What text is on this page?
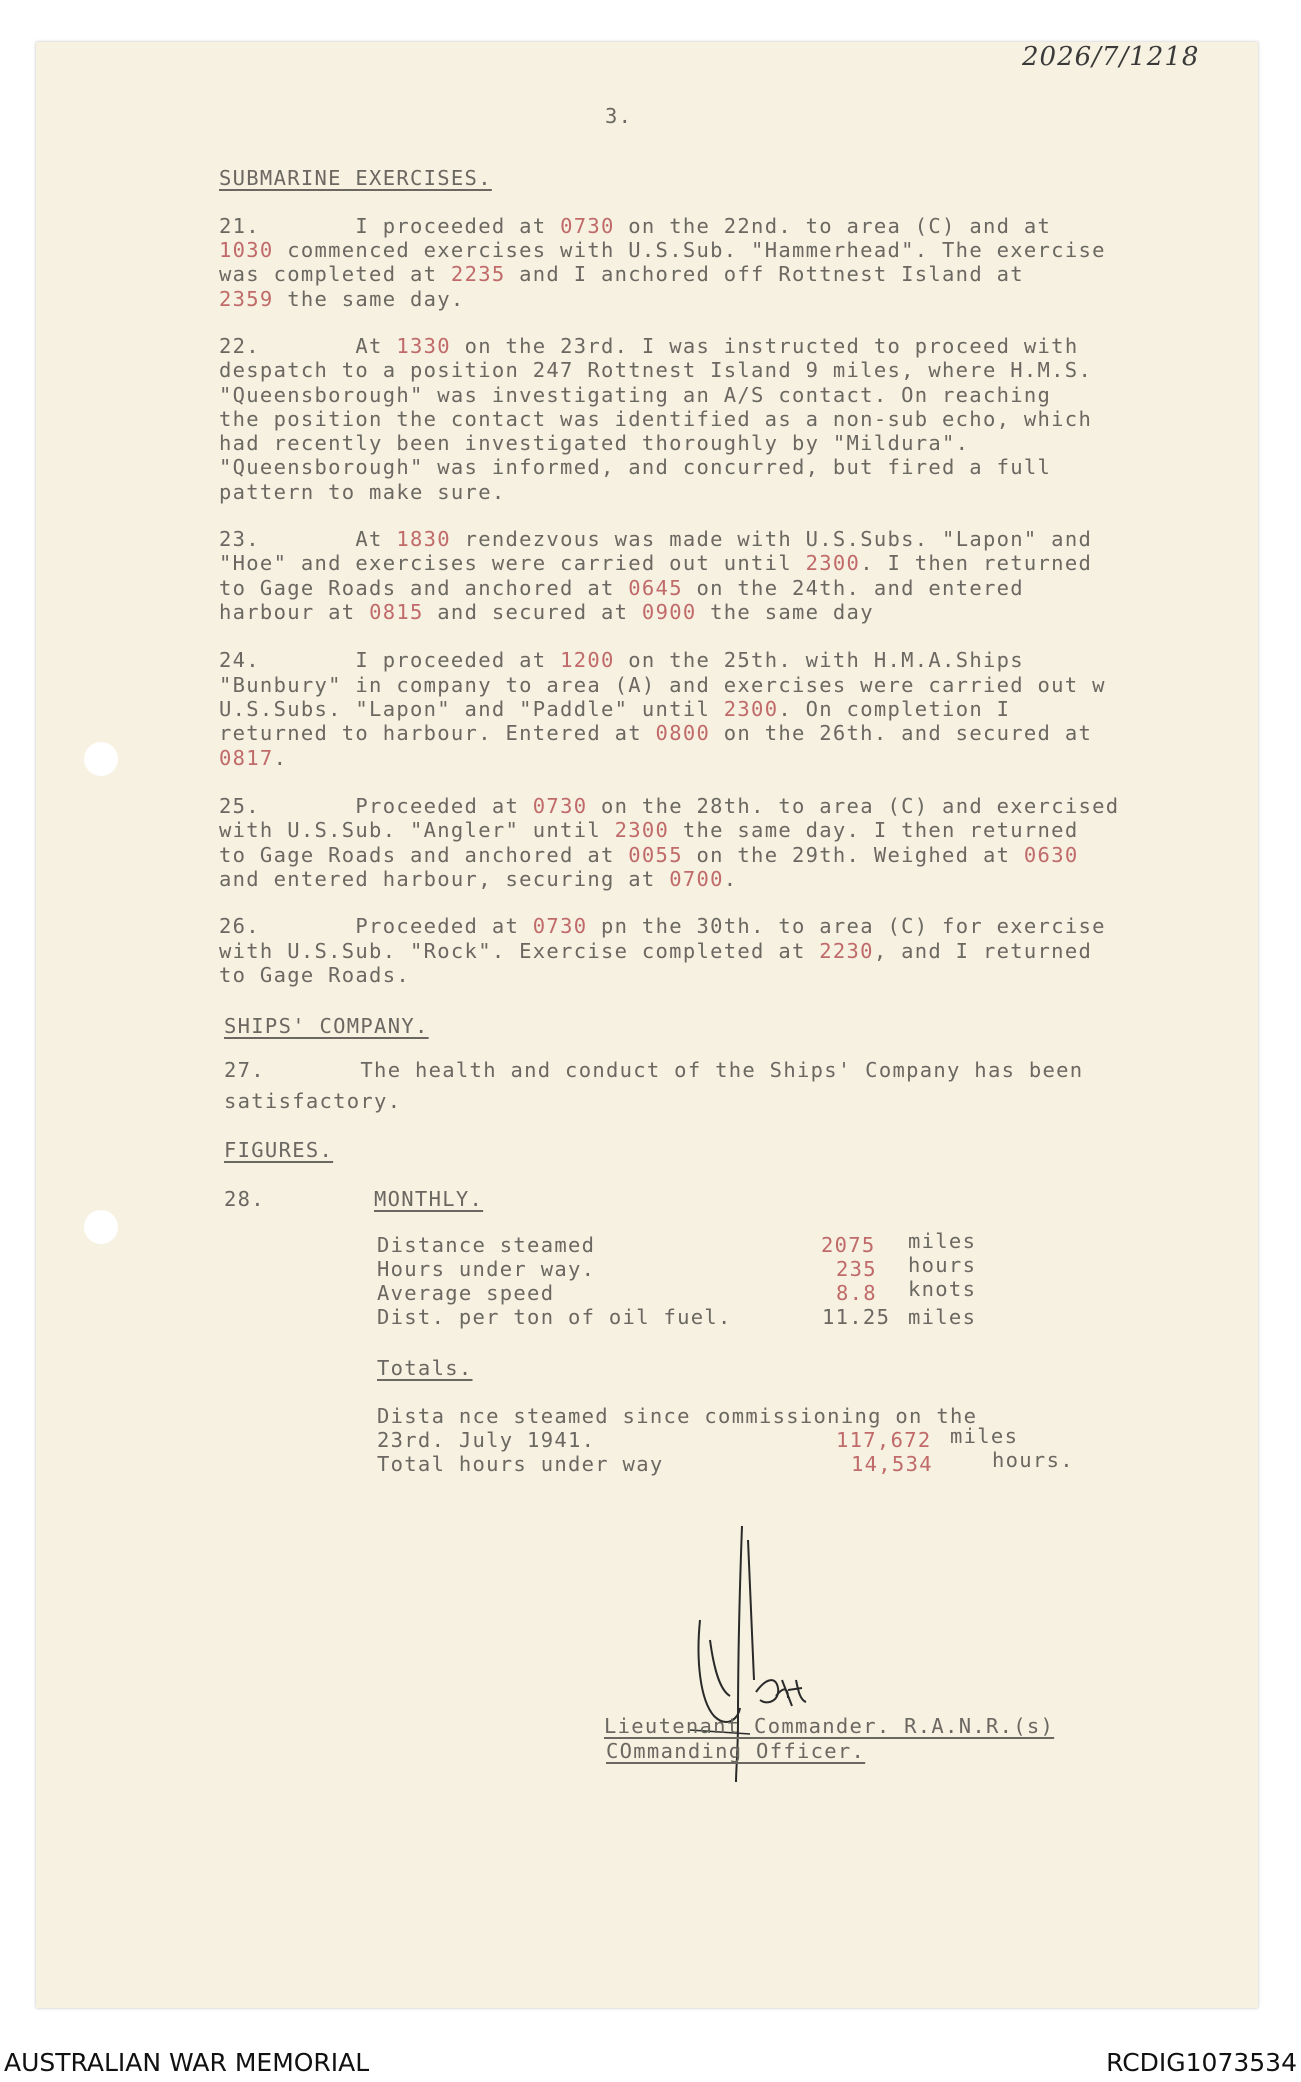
2026/7/1218

3.

SUBMARINE EXERCISES.

21.       I proceeded at 0730 on the 22nd. to area (C) and at

1030 commenced exercises with U.S.Sub. "Hammerhead". The exercise

was completed at 2235 and I anchored off Rottnest Island at

2359 the same day.

22.       At 1330 on the 23rd. I was instructed to proceed with

despatch to a position 247 Rottnest Island 9 miles, where H.M.S.

"Queensborough" was investigating an A/S contact. On reaching

the position the contact was identified as a non-sub echo, which

had recently been investigated thoroughly by "Mildura".

"Queensborough" was informed, and concurred, but fired a full

pattern to make sure.

23.       At 1830 rendezvous was made with U.S.Subs. "Lapon" and

"Hoe" and exercises were carried out until 2300. I then returned

to Gage Roads and anchored at 0645 on the 24th. and entered

harbour at 0815 and secured at 0900 the same day

24.       I proceeded at 1200 on the 25th. with H.M.A.Ships

"Bunbury" in company to area (A) and exercises were carried out w

U.S.Subs. "Lapon" and "Paddle" until 2300. On completion I

returned to harbour. Entered at 0800 on the 26th. and secured at

0817.

25.       Proceeded at 0730 on the 28th. to area (C) and exercised

with U.S.Sub. "Angler" until 2300 the same day. I then returned

to Gage Roads and anchored at 0055 on the 29th. Weighed at 0630

and entered harbour, securing at 0700.

26.       Proceeded at 0730 pn the 30th. to area (C) for exercise

with U.S.Sub. "Rock". Exercise completed at 2230, and I returned

to Gage Roads.

SHIPS' COMPANY.

27.       The health and conduct of the Ships' Company has been

satisfactory.

FIGURES.

28.	MONTHLY.

Distance steamed	2075 miles

Hours under way.	235 hours

Average speed	8.8 knots

Dist. per ton of oil fuel.	11.25 miles

Totals.

Dista nce steamed since commissioning on the

23rd. July 1941.	117,672 miles

Total hours under way	14,534	hours.

Lieutenant Commander. R.A.N.R.(s)

COmmanding Officer.

AUSTRALIAN WAR MEMORIAL	RCDIG1073534
